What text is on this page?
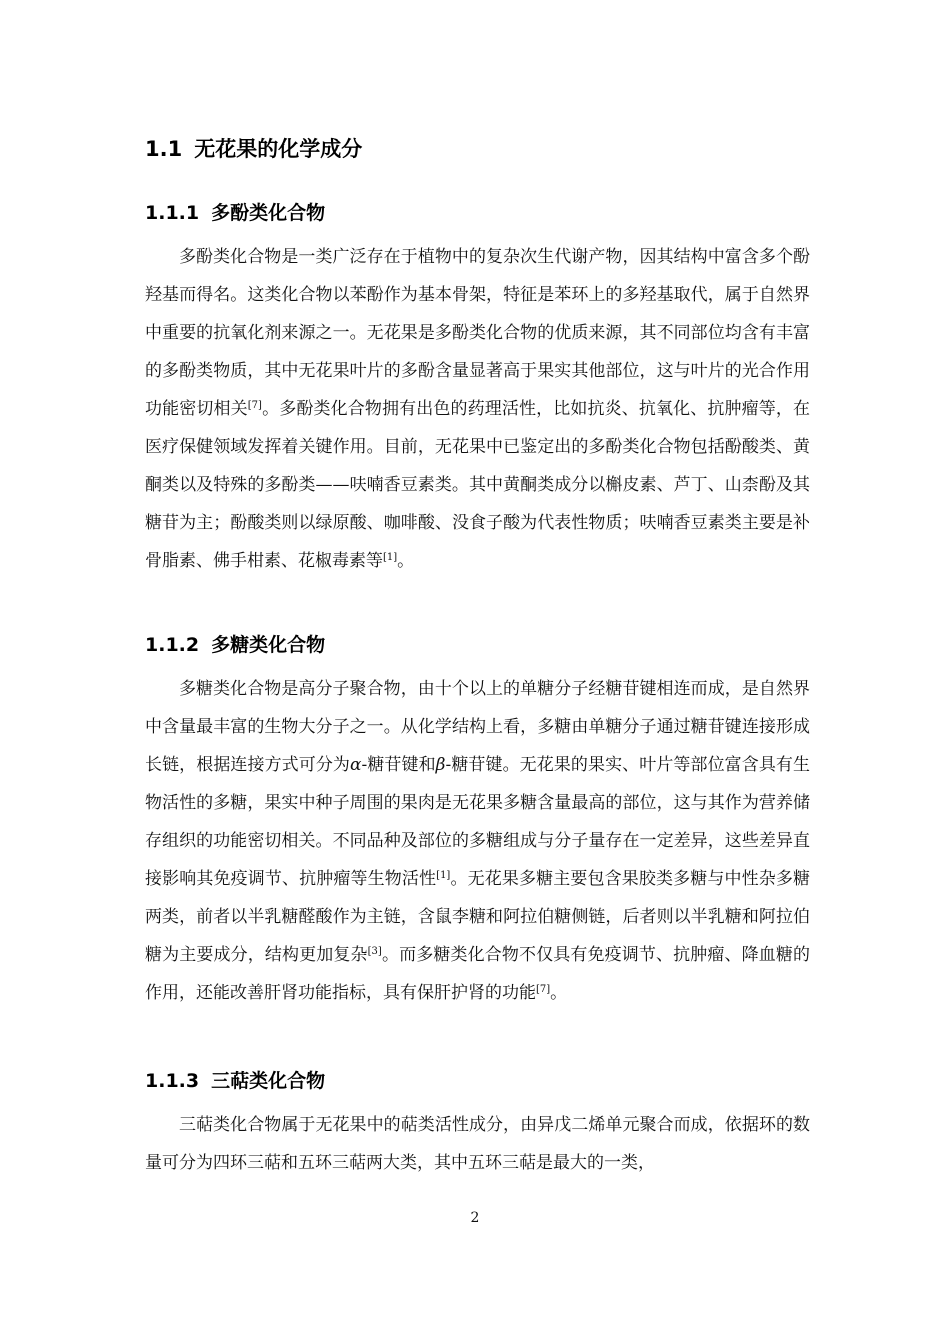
1.1 无花果的化学成分
1.1.1 多酚类化合物

多酚类化合物是一类广泛存在于植物中的复杂次生代谢产物，因其结构中富含多个酚羟基而得名。这类化合物以苯酚作为基本骨架，特征是苯环上的多羟基取代，属于自然界中重要的抗氧化剂来源之一。无花果是多酚类化合物的优质来源，其不同部位均含有丰富的多酚类物质，其中无花果叶片的多酚含量显著高于果实其他部位，这与叶片的光合作用功能密切相关[7]。多酚类化合物拥有出色的药理活性，比如抗炎、抗氧化、抗肿瘤等，在医疗保健领域发挥着关键作用。目前，无花果中已鉴定出的多酚类化合物包括酚酸类、黄酮类以及特殊的多酚类——呋喃香豆素类。其中黄酮类成分以槲皮素、芦丁、山柰酚及其糖苷为主；酚酸类则以绿原酸、咖啡酸、没食子酸为代表性物质；呋喃香豆素类主要是补骨脂素、佛手柑素、花椒毒素等[1]。

1.1.2 多糖类化合物

多糖类化合物是高分子聚合物，由十个以上的单糖分子经糖苷键相连而成，是自然界中含量最丰富的生物大分子之一。从化学结构上看，多糖由单糖分子通过糖苷键连接形成长链，根据连接方式可分为α-糖苷键和β-糖苷键。无花果的果实、叶片等部位富含具有生物活性的多糖，果实中种子周围的果肉是无花果多糖含量最高的部位，这与其作为营养储存组织的功能密切相关。不同品种及部位的多糖组成与分子量存在一定差异，这些差异直接影响其免疫调节、抗肿瘤等生物活性[1]。无花果多糖主要包含果胶类多糖与中性杂多糖两类，前者以半乳糖醛酸作为主链，含鼠李糖和阿拉伯糖侧链，后者则以半乳糖和阿拉伯糖为主要成分，结构更加复杂[3]。而多糖类化合物不仅具有免疫调节、抗肿瘤、降血糖的作用，还能改善肝肾功能指标，具有保肝护肾的功能[7]。

1.1.3 三萜类化合物

三萜类化合物属于无花果中的萜类活性成分，由异戊二烯单元聚合而成，依据环的数量可分为四环三萜和五环三萜两大类，其中五环三萜是最大的一类，

2
